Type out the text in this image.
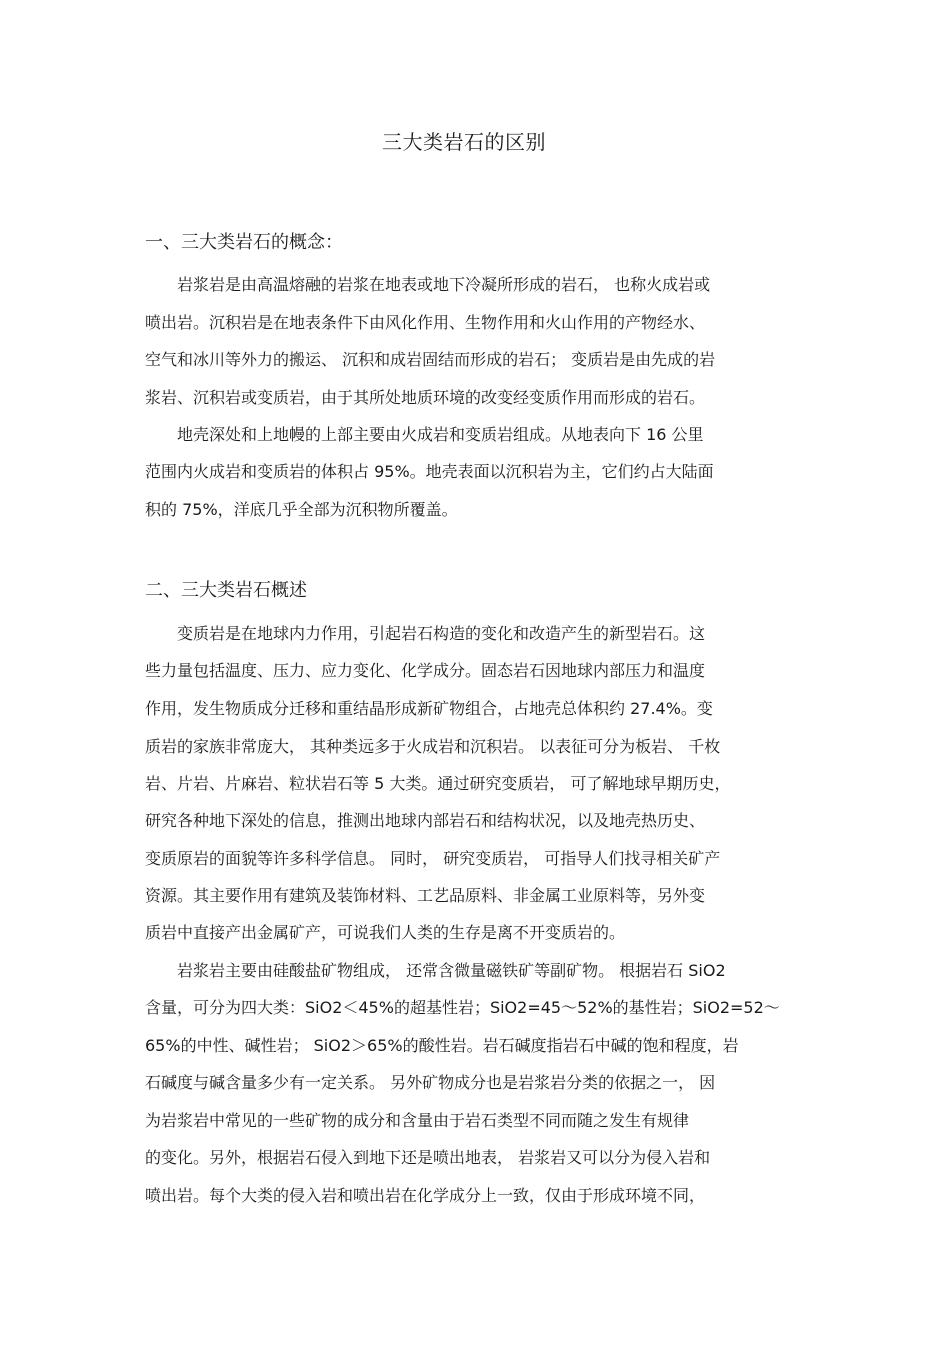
三大类岩石的区别
一、三大类岩石的概念：
岩浆岩是由高温熔融的岩浆在地表或地下冷凝所形成的岩石， 也称火成岩或
喷出岩。沉积岩是在地表条件下由风化作用、生物作用和火山作用的产物经水、
空气和冰川等外力的搬运、 沉积和成岩固结而形成的岩石； 变质岩是由先成的岩
浆岩、沉积岩或变质岩，由于其所处地质环境的改变经变质作用而形成的岩石。
地壳深处和上地幔的上部主要由火成岩和变质岩组成。从地表向下 16 公里
范围内火成岩和变质岩的体积占 95%。地壳表面以沉积岩为主，它们约占大陆面
积的 75%，洋底几乎全部为沉积物所覆盖。
二、三大类岩石概述
变质岩是在地球内力作用，引起岩石构造的变化和改造产生的新型岩石。这
些力量包括温度、压力、应力变化、化学成分。固态岩石因地球内部压力和温度
作用，发生物质成分迁移和重结晶形成新矿物组合，占地壳总体积约 27.4%。变
质岩的家族非常庞大， 其种类远多于火成岩和沉积岩。 以表征可分为板岩、 千枚
岩、片岩、片麻岩、粒状岩石等 5 大类。通过研究变质岩， 可了解地球早期历史，
研究各种地下深处的信息，推测出地球内部岩石和结构状况，以及地壳热历史、
变质原岩的面貌等许多科学信息。 同时， 研究变质岩， 可指导人们找寻相关矿产
资源。其主要作用有建筑及装饰材料、工艺品原料、非金属工业原料等，另外变
质岩中直接产出金属矿产，可说我们人类的生存是离不开变质岩的。
岩浆岩主要由硅酸盐矿物组成， 还常含微量磁铁矿等副矿物。 根据岩石 SiO2
含量，可分为四大类：SiO2＜45%的超基性岩；SiO2=45～52%的基性岩；SiO2=52～
65%的中性、碱性岩； SiO2＞65%的酸性岩。岩石碱度指岩石中碱的饱和程度，岩
石碱度与碱含量多少有一定关系。 另外矿物成分也是岩浆岩分类的依据之一， 因
为岩浆岩中常见的一些矿物的成分和含量由于岩石类型不同而随之发生有规律
的变化。另外，根据岩石侵入到地下还是喷出地表， 岩浆岩又可以分为侵入岩和
喷出岩。每个大类的侵入岩和喷出岩在化学成分上一致，仅由于形成环境不同，
